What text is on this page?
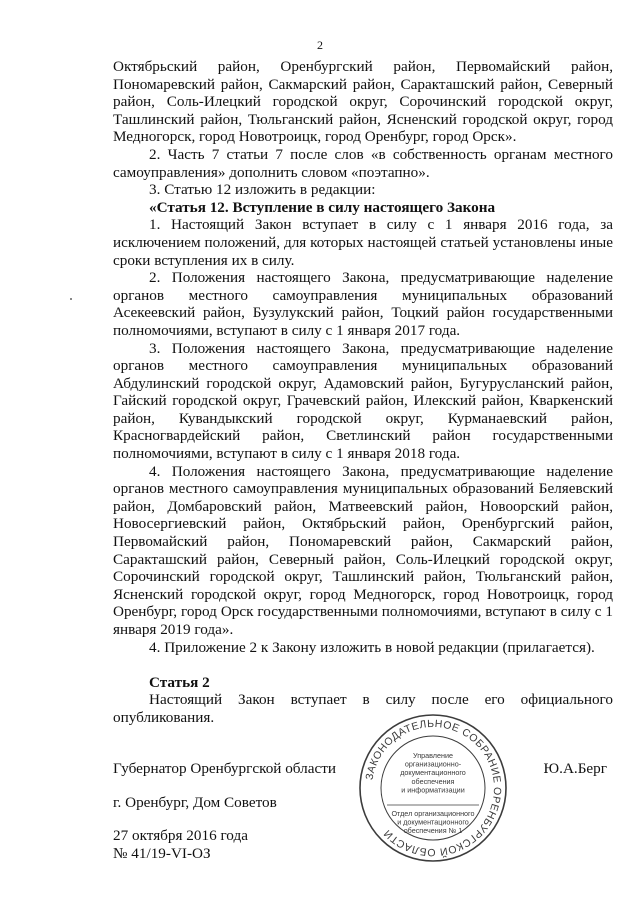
2

Октябрьский район, Оренбургский район, Первомайский район, Пономаревский район, Сакмарский район, Саракташский район, Северный район, Соль-Илецкий городской округ, Сорочинский городской округ, Ташлинский район, Тюльганский район, Ясненский городской округ, город Медногорск, город Новотроицк, город Оренбург, город Орск».

2. Часть 7 статьи 7 после слов «в собственность органам местного самоуправления» дополнить словом «поэтапно».

3. Статью 12 изложить в редакции:

«Статья 12. Вступление в силу настоящего Закона

1. Настоящий Закон вступает в силу с 1 января 2016 года, за исключением положений, для которых настоящей статьей установлены иные сроки вступления их в силу.

2. Положения настоящего Закона, предусматривающие наделение органов местного самоуправления муниципальных образований Асекеевский район, Бузулукский район, Тоцкий район государственными полномочиями, вступают в силу с 1 января 2017 года.

3. Положения настоящего Закона, предусматривающие наделение органов местного самоуправления муниципальных образований Абдулинский городской округ, Адамовский район, Бугурусланский район, Гайский городской округ, Грачевский район, Илекский район, Кваркенский район, Кувандыкский городской округ, Курманаевский район, Красногвардейский район, Светлинский район государственными полномочиями, вступают в силу с 1 января 2018 года.

4. Положения настоящего Закона, предусматривающие наделение органов местного самоуправления муниципальных образований Беляевский район, Домбаровский район, Матвеевский район, Новоорский район, Новосергиевский район, Октябрьский район, Оренбургский район, Первомайский район, Пономаревский район, Сакмарский район, Саракташский район, Северный район, Соль-Илецкий городской округ, Сорочинский городской округ, Ташлинский район, Тюльганский район, Ясненский городской округ, город Медногорск, город Новотроицк, город Оренбург, город Орск государственными полномочиями, вступают в силу с 1 января 2019 года».

4. Приложение 2 к Закону изложить в новой редакции (прилагается).

Статья 2

Настоящий Закон вступает в силу после его официального опубликования.

Губернатор Оренбургской области	Ю.А.Берг
г. Оренбург, Дом Советов
27 октября 2016 года
№ 41/19-VI-ОЗ
ЗАКОНОДАТЕЛЬНОЕ СОБРАНИЕ ОРЕНБУРГСКОЙ ОБЛАСТИ
Управление
организационно-
документационного
обеспечения
и информатизации
Отдел организационного
и документационного
обеспечения № 1
